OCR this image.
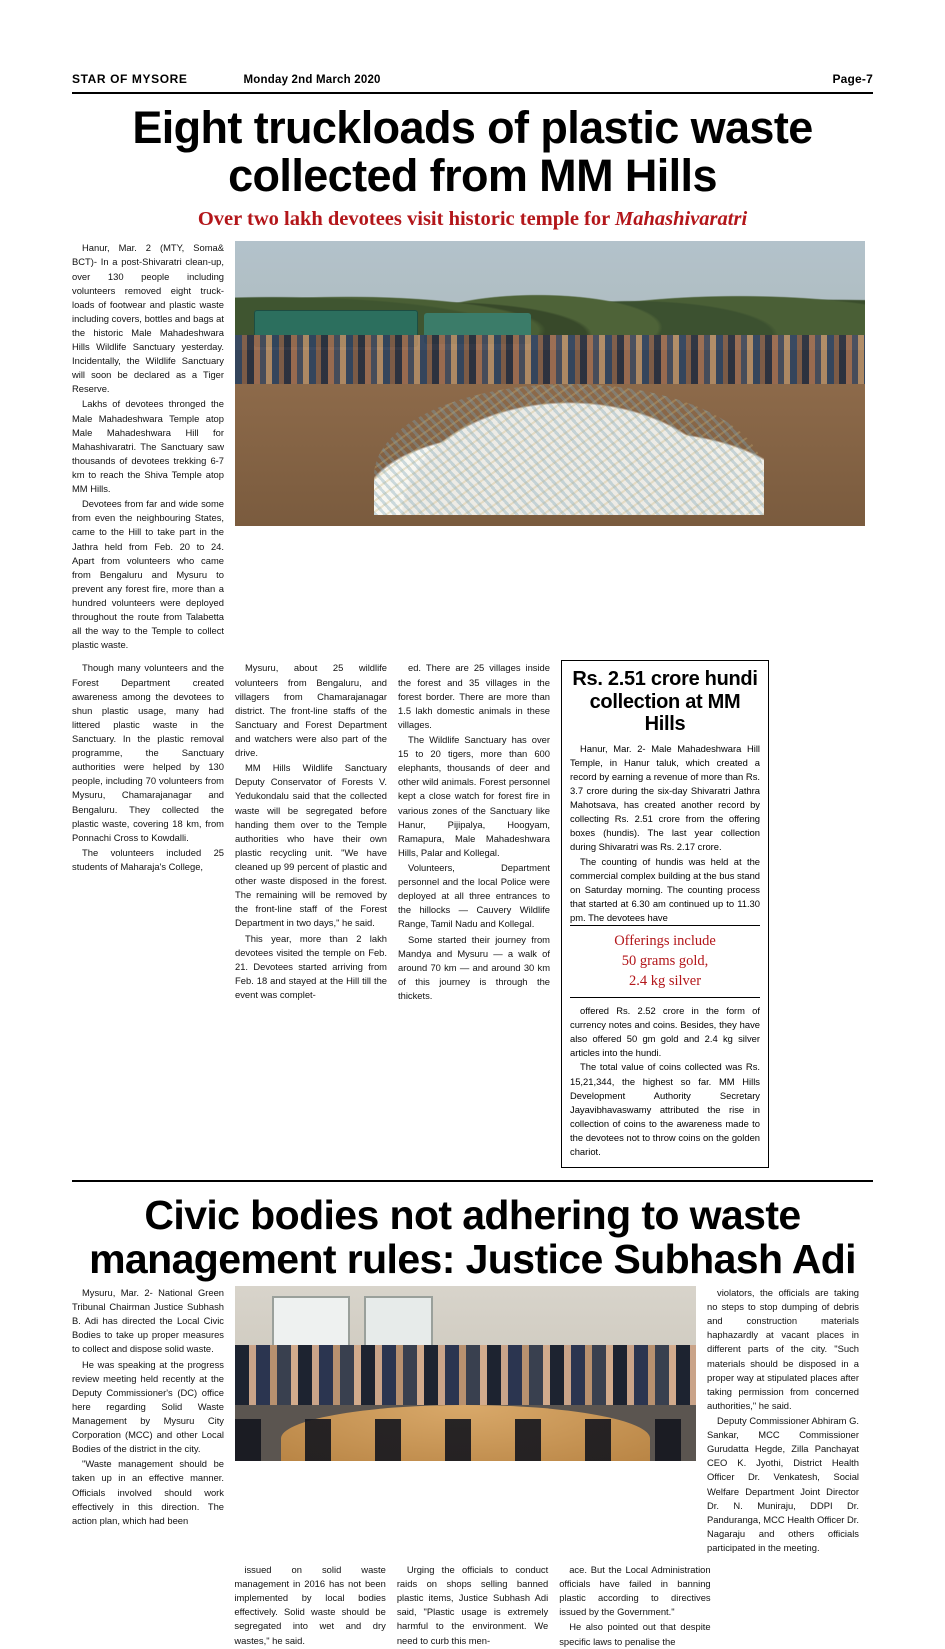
STAR OF MYSORE	Monday 2nd March 2020	Page-7
Eight truckloads of plastic waste
collected from MM Hills
Over two lakh devotees visit historic temple for Mahashivaratri

Hanur, Mar. 2 (MTY, Soma& BCT)- In a post-Shivaratri clean-up, over 130 people including volunteers removed eight truck-loads of footwear and plastic waste including covers, bottles and bags at the historic Male Mahadeshwara Hills Wildlife Sanctuary yesterday. Incidentally, the Wildlife Sanctuary will soon be declared as a Tiger Reserve.

Lakhs of devotees thronged the Male Mahadeshwara Temple atop Male Mahadeshwara Hill for Mahashivaratri. The Sanctuary saw thousands of devotees trekking 6-7 km to reach the Shiva Temple atop MM Hills.

Devotees from far and wide some from even the neighbouring States, came to the Hill to take part in the Jathra held from Feb. 20 to 24. Apart from volunteers who came from Bengaluru and Mysuru to prevent any forest fire, more than a hundred volunteers were deployed throughout the route from Talabetta all the way to the Temple to collect plastic waste.

Though many volunteers and the Forest Department created awareness among the devotees to shun plastic usage, many had littered plastic waste in the Sanctuary. In the plastic removal programme, the Sanctuary authorities were helped by 130 people, including 70 volunteers from Mysuru, Chamarajanagar and Bengaluru. They collected the plastic waste, covering 18 km, from Ponnachi Cross to Kowdalli.

The volunteers included 25 students of Maharaja's College,

Mysuru, about 25 wildlife volunteers from Bengaluru, and villagers from Chamarajanagar district. The front-line staffs of the Sanctuary and Forest Department and watchers were also part of the drive.

MM Hills Wildlife Sanctuary Deputy Conservator of Forests V. Yedukondalu said that the collected waste will be segregated before handing them over to the Temple authorities who have their own plastic recycling unit. "We have cleaned up 99 percent of plastic and other waste disposed in the forest. The remaining will be removed by the front-line staff of the Forest Department in two days," he said.

This year, more than 2 lakh devotees visited the temple on Feb. 21. Devotees started arriving from Feb. 18 and stayed at the Hill till the event was complet-

ed. There are 25 villages inside the forest and 35 villages in the forest border. There are more than 1.5 lakh domestic animals in these villages.

The Wildlife Sanctuary has over 15 to 20 tigers, more than 600 elephants, thousands of deer and other wild animals. Forest personnel kept a close watch for forest fire in various zones of the Sanctuary like Hanur, Pijipalya, Hoogyam, Ramapura, Male Mahadeshwara Hills, Palar and Kollegal.

Volunteers, Department personnel and the local Police were deployed at all three entrances to the hillocks — Cauvery Wildlife Range, Tamil Nadu and Kollegal.

Some started their journey from Mandya and Mysuru — a walk of around 70 km — and around 30 km of this journey is through the thickets.

Rs. 2.51 crore hundi
collection at MM Hills

Hanur, Mar. 2- Male Mahadeshwara Hill Temple, in Hanur taluk, which created a record by earning a revenue of more than Rs. 3.7 crore during the six-day Shivaratri Jathra Mahotsava, has created another record by collecting Rs. 2.51 crore from the offering boxes (hundis). The last year collection during Shivaratri was Rs. 2.17 crore.

The counting of hundis was held at the commercial complex building at the bus stand on Saturday morning. The counting process that started at 6.30 am continued up to 11.30 pm. The devotees have

Offerings include
50 grams gold,
2.4 kg silver

offered Rs. 2.52 crore in the form of currency notes and coins. Besides, they have also offered 50 gm gold and 2.4 kg silver articles into the hundi.

The total value of coins collected was Rs. 15,21,344, the highest so far. MM Hills Development Authority Secretary Jayavibhavaswamy attributed the rise in collection of coins to the awareness made to the devotees not to throw coins on the golden chariot.

Civic bodies not adhering to waste
management rules: Justice Subhash Adi

Mysuru, Mar. 2- National Green Tribunal Chairman Justice Subhash B. Adi has directed the Local Civic Bodies to take up proper measures to collect and dispose solid waste.

He was speaking at the progress review meeting held recently at the Deputy Commissioner's (DC) office here regarding Solid Waste Management by Mysuru City Corporation (MCC) and other Local Bodies of the district in the city.

"Waste management should be taken up in an effective manner. Officials involved should work effectively in this direction. The action plan, which had been

violators, the officials are taking no steps to stop dumping of debris and construction materials haphazardly at vacant places in different parts of the city. "Such materials should be disposed in a proper way at stipulated places after taking permission from concerned authorities," he said.

Deputy Commissioner Abhiram G. Sankar, MCC Commissioner Gurudatta Hegde, Zilla Panchayat CEO K. Jyothi, District Health Officer Dr. Venkatesh, Social Welfare Department Joint Director Dr. N. Muniraju, DDPI Dr. Panduranga, MCC Health Officer Dr. Nagaraju and others officials participated in the meeting.

issued on solid waste management in 2016 has not been implemented by local bodies effectively. Solid waste should be segregated into wet and dry wastes," he said.

Urging the officials to conduct raids on shops selling banned plastic items, Justice Subhash Adi said, "Plastic usage is extremely harmful to the environment. We need to curb this men-

ace. But the Local Administration officials have failed in banning plastic according to directives issued by the Government."

He also pointed out that despite specific laws to penalise the
